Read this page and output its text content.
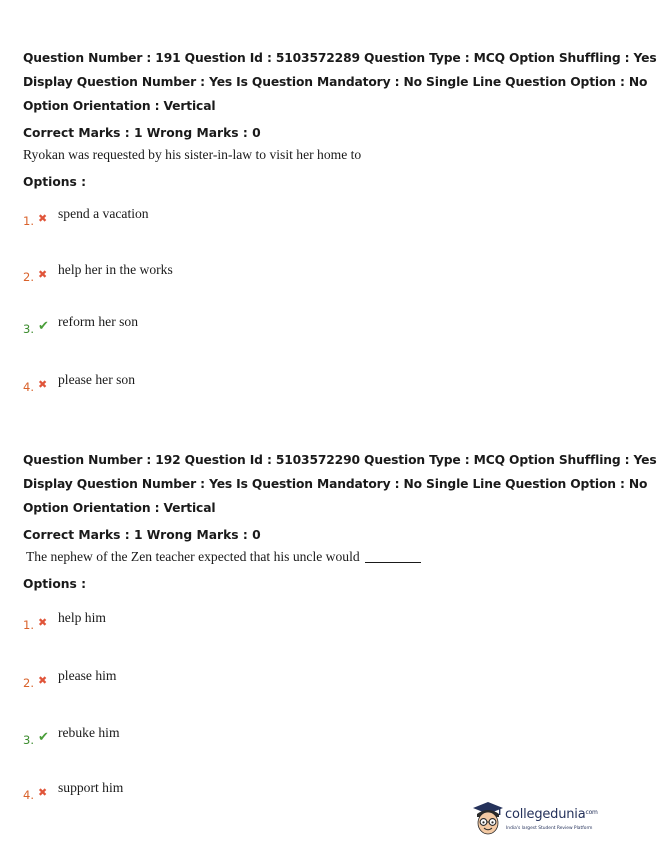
Question Number : 191 Question Id : 5103572289 Question Type : MCQ Option Shuffling : Yes
Display Question Number : Yes Is Question Mandatory : No Single Line Question Option : No
Option Orientation : Vertical
Correct Marks : 1 Wrong Marks : 0
Ryokan was requested by his sister-in-law to visit her home to
Options :
1. ✖ spend a vacation
2. ✖ help her in the works
3. ✔ reform her son
4. ✖ please her son
Question Number : 192 Question Id : 5103572290 Question Type : MCQ Option Shuffling : Yes
Display Question Number : Yes Is Question Mandatory : No Single Line Question Option : No
Option Orientation : Vertical
Correct Marks : 1 Wrong Marks : 0
The nephew of the Zen teacher expected that his uncle would
Options :
1. ✖ help him
2. ✖ please him
3. ✔ rebuke him
4. ✖ support him
collegedunia$^{com}$
India's largest Student Review Platform
